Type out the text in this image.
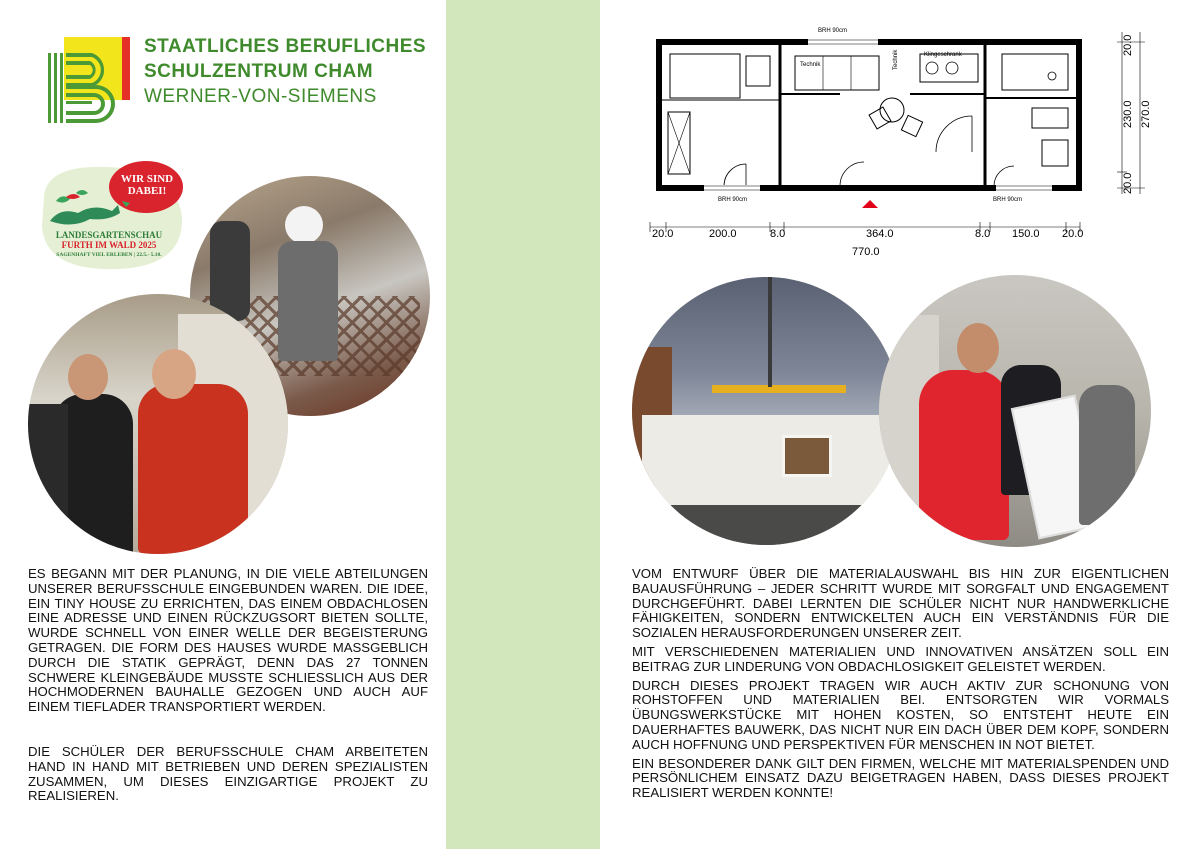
STAATLICHES BERUFLICHES
SCHULZENTRUM CHAM
WERNER-VON-SIEMENS
WIR SIND DABEI!
LANDESGARTENSCHAU
FURTH IM WALD 2025
SAGENHAFT VIEL ERLEBEN | 22.5.- 5.10.

ES BEGANN MIT DER PLANUNG, IN DIE VIELE ABTEILUNGEN UNSERER BERUFSSCHULE EINGEBUNDEN WAREN. DIE IDEE, EIN TINY HOUSE ZU ERRICHTEN, DAS EINEM OBDACHLOSEN EINE ADRESSE UND EINEN RÜCKZUGSORT BIETEN SOLLTE, WURDE SCHNELL VON EINER WELLE DER BEGEISTERUNG GETRAGEN. DIE FORM DES HAUSES WURDE MASSGEBLICH DURCH DIE STATIK GEPRÄGT, DENN DAS 27 TONNEN SCHWERE KLEINGEBÄUDE MUSSTE SCHLIESSLICH AUS DER HOCHMODERNEN BAUHALLE GEZOGEN UND AUCH AUF EINEM TIEFLADER TRANSPORTIERT WERDEN.

DIE SCHÜLER DER BERUFSSCHULE CHAM ARBEITETEN HAND IN HAND MIT BETRIEBEN UND DEREN SPEZIALISTEN ZUSAMMEN, UM DIESES EINZIGARTIGE PROJEKT ZU REALISIEREN.

BRH 90cm
BRH 90cm	BRH 90cm
Technik	Technik	Klingeschrank
20.0	200.0	8.0	364.0	8.0 150.0 20.0
770.0
20.0
230.0
20.0
270.0

VOM ENTWURF ÜBER DIE MATERIALAUSWAHL BIS HIN ZUR EIGENTLICHEN BAUAUSFÜHRUNG – JEDER SCHRITT WURDE MIT SORGFALT UND ENGAGEMENT DURCHGEFÜHRT. DABEI LERNTEN DIE SCHÜLER NICHT NUR HANDWERKLICHE FÄHIGKEITEN, SONDERN ENTWICKELTEN AUCH EIN VERSTÄNDNIS FÜR DIE SOZIALEN HERAUSFORDERUNGEN UNSERER ZEIT.

MIT VERSCHIEDENEN MATERIALIEN UND INNOVATIVEN ANSÄTZEN SOLL EIN BEITRAG ZUR LINDERUNG VON OBDACHLOSIGKEIT GELEISTET WERDEN.

DURCH DIESES PROJEKT TRAGEN WIR AUCH AKTIV ZUR SCHONUNG VON ROHSTOFFEN UND MATERIALIEN BEI. ENTSORGTEN WIR VORMALS ÜBUNGSWERKSTÜCKE MIT HOHEN KOSTEN, SO ENTSTEHT HEUTE EIN DAUERHAFTES BAUWERK, DAS NICHT NUR EIN DACH ÜBER DEM KOPF, SONDERN AUCH HOFFNUNG UND PERSPEKTIVEN FÜR MENSCHEN IN NOT BIETET.

EIN BESONDERER DANK GILT DEN FIRMEN, WELCHE MIT MATERIALSPENDEN UND PERSÖNLICHEM EINSATZ DAZU BEIGETRAGEN HABEN, DASS DIESES PROJEKT REALISIERT WERDEN KONNTE!
